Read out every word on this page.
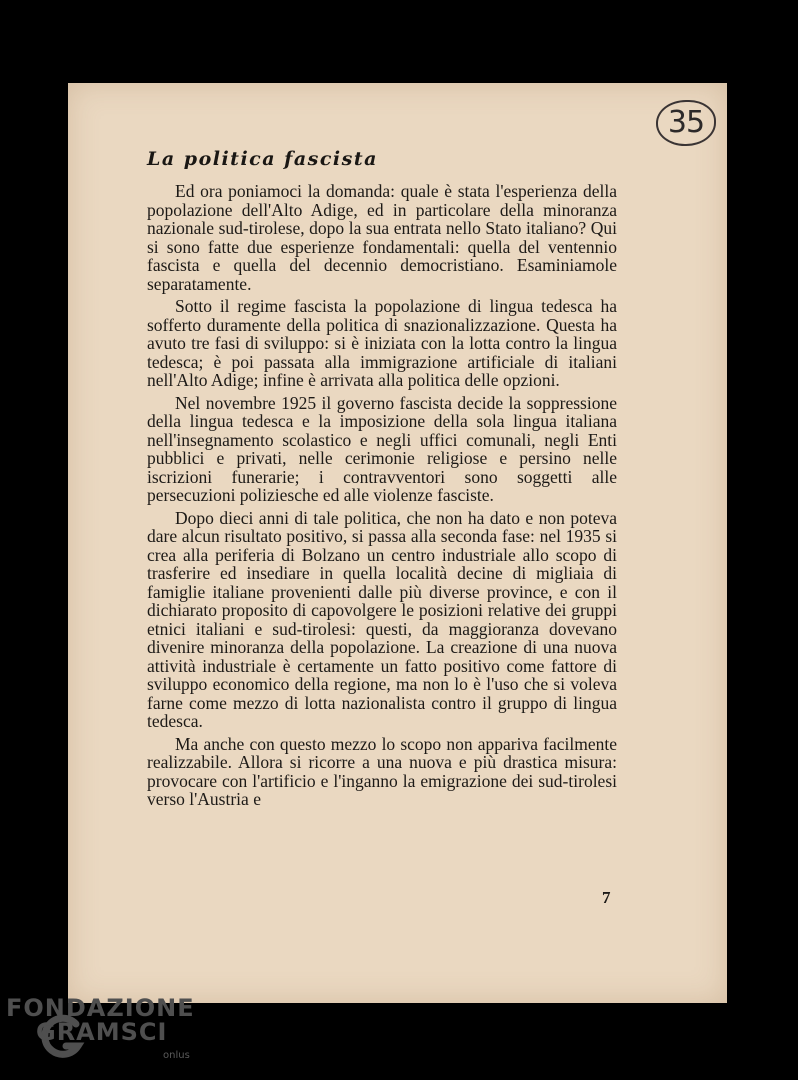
35
La politica fascista

Ed ora poniamoci la domanda: quale è stata l'esperienza della popolazione dell'Alto Adige, ed in particolare della minoranza nazionale sud-tirolese, dopo la sua entrata nello Stato italiano? Qui si sono fatte due esperienze fondamentali: quella del ventennio fascista e quella del decennio democristiano. Esaminiamole separatamente.

Sotto il regime fascista la popolazione di lingua tedesca ha sofferto duramente della politica di snazionalizzazione. Questa ha avuto tre fasi di sviluppo: si è iniziata con la lotta contro la lingua tedesca; è poi passata alla immigrazione artificiale di italiani nell'Alto Adige; infine è arrivata alla politica delle opzioni.

Nel novembre 1925 il governo fascista decide la soppressione della lingua tedesca e la imposizione della sola lingua italiana nell'insegnamento scolastico e negli uffici comunali, negli Enti pubblici e privati, nelle cerimonie religiose e persino nelle iscrizioni funerarie; i contravventori sono soggetti alle persecuzioni poliziesche ed alle violenze fasciste.

Dopo dieci anni di tale politica, che non ha dato e non poteva dare alcun risultato positivo, si passa alla seconda fase: nel 1935 si crea alla periferia di Bolzano un centro industriale allo scopo di trasferire ed insediare in quella località decine di migliaia di famiglie italiane provenienti dalle più diverse province, e con il dichiarato proposito di capovolgere le posizioni relative dei gruppi etnici italiani e sud-tirolesi: questi, da maggioranza dovevano divenire minoranza della popolazione. La creazione di una nuova attività industriale è certamente un fatto positivo come fattore di sviluppo economico della regione, ma non lo è l'uso che si voleva farne come mezzo di lotta nazionalista contro il gruppo di lingua tedesca.

Ma anche con questo mezzo lo scopo non appariva facilmente realizzabile. Allora si ricorre a una nuova e più drastica misura: provocare con l'artificio e l'inganno la emigrazione dei sud-tirolesi verso l'Austria e

7
FONDAZIONE
GRAMSCI
onlus
